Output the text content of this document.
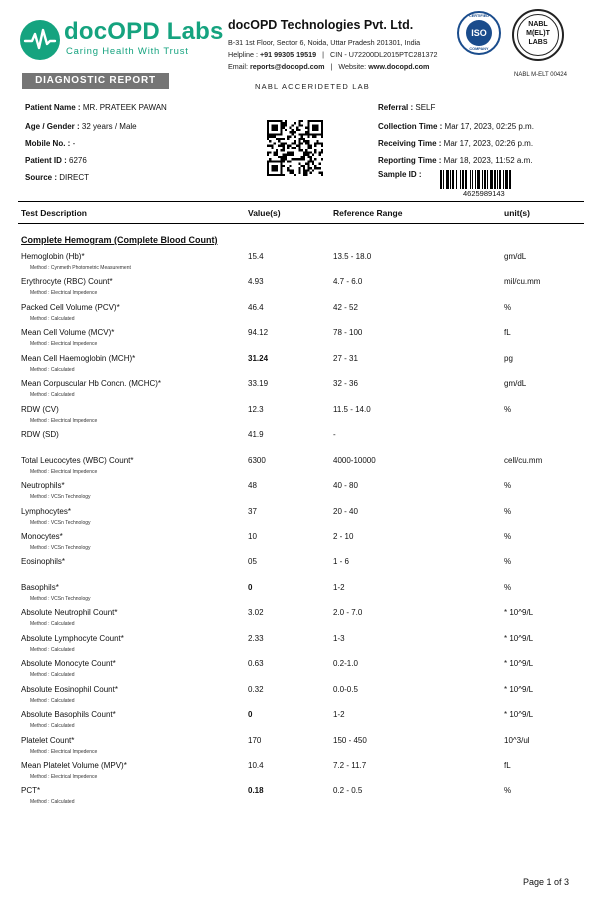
docOPD Labs
Caring Health With Trust
DIAGNOSTIC REPORT
docOPD Technologies Pvt. Ltd.
B-31 1st Floor, Sector 6, Noida, Uttar Pradesh 201301, India
Helpline : +91 99305 19519   |   CIN - U72200DL2015PTC281372
Email: reports@docopd.com   |   Website: www.docopd.com
NABL ACCERIDETED LAB
CERTIFIED
ISO
COMPANY
NABL
M(EL)T
LABS
NABL M-ELT 00424
Patient Name : MR. PRATEEK PAWAN
Age / Gender : 32 years / Male
Mobile No. : -
Patient ID : 6276
Source : DIRECT
Referral : SELF
Collection Time : Mar 17, 2023, 02:25 p.m.
Receiving Time : Mar 17, 2023, 02:26 p.m.
Reporting Time : Mar 18, 2023, 11:52 a.m.
Sample ID :
4625989143
Test Description	Value(s)	Reference Range	unit(s)
Complete Hemogram (Complete Blood Count)
Hemoglobin (Hb)*	15.4	13.5 - 18.0	gm/dL
Method : Cynmeth Photometric Measurement
Erythrocyte (RBC) Count*	4.93	4.7 - 6.0	mil/cu.mm
Method : Electrical Impedence
Packed Cell Volume (PCV)*	46.4	42 - 52	%
Method : Calculated
Mean Cell Volume (MCV)*	94.12	78 - 100	fL
Method : Electrical Impedence
Mean Cell Haemoglobin (MCH)*	31.24	27 - 31	pg
Method : Calculated
Mean Corpuscular Hb Concn. (MCHC)*	33.19	32 - 36	gm/dL
Method : Calculated
RDW (CV)	12.3	11.5 - 14.0	%
Method : Electrical Impedence
RDW (SD)	41.9	-
Total Leucocytes (WBC) Count*	6300	4000-10000	cell/cu.mm
Method : Electrical Impedence
Neutrophils*	48	40 - 80	%
Method : VCSn Technology
Lymphocytes*	37	20 - 40	%
Method : VCSn Technology
Monocytes*	10	2 - 10	%
Method : VCSn Technology
Eosinophils*	05	1 - 6	%
Basophils*	0	1-2	%
Method : VCSn Technology
Absolute Neutrophil Count*	3.02	2.0 - 7.0	* 10^9/L
Method : Calculated
Absolute Lymphocyte Count*	2.33	1-3	* 10^9/L
Method : Calculated
Absolute Monocyte Count*	0.63	0.2-1.0	* 10^9/L
Method : Calculated
Absolute Eosinophil Count*	0.32	0.0-0.5	* 10^9/L
Method : Calculated
Absolute Basophils Count*	0	1-2	* 10^9/L
Method : Calculated
Platelet Count*	170	150 - 450	10^3/ul
Method : Electrical Impedence
Mean Platelet Volume (MPV)*	10.4	7.2 - 11.7	fL
Method : Electrical Impedence
PCT*	0.18	0.2 - 0.5	%
Method : Calculated
Page 1 of 3
